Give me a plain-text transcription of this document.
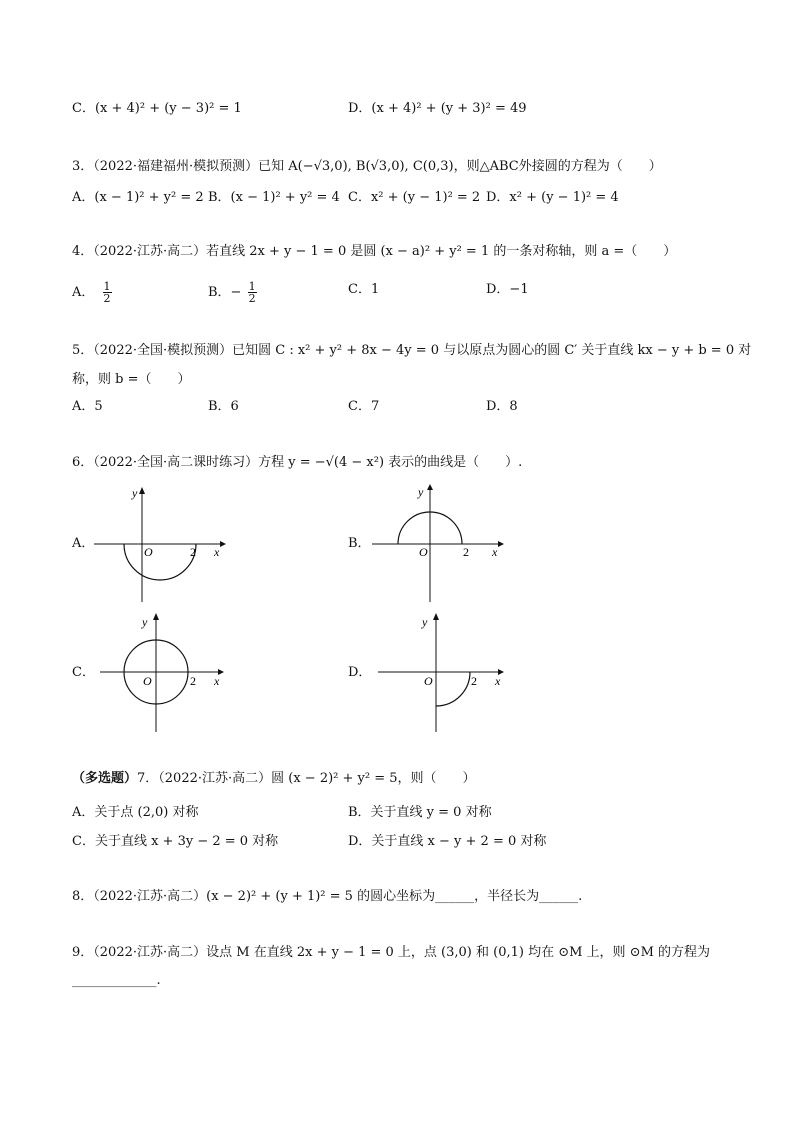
C．(x + 4)² + (y − 3)² = 1	D．(x + 4)² + (y + 3)² = 49
3．（2022·福建福州·模拟预测）已知 A(−√3,0), B(√3,0), C(0,3)，则△ABC外接圆的方程为（　　）
A．(x − 1)² + y² = 2 B．(x − 1)² + y² = 4 C．x² + (y − 1)² = 2 D．x² + (y − 1)² = 4
4．（2022·江苏·高二）若直线 2x + y − 1 = 0 是圆 (x − a)² + y² = 1 的一条对称轴，则 a =（　　）
A． $\frac{1}{2}$	B．− $\frac{1}{2}$	C．1	D．−1
5．（2022·全国·模拟预测）已知圆 C : x² + y² + 8x − 4y = 0 与以原点为圆心的圆 C′ 关于直线 kx − y + b = 0 对
称，则 b =（　　）
A．5	B．6	C．7	D．8
6．（2022·全国·高二课时练习）方程 y = −√(4 − x²) 表示的曲线是（　　）.
A．
y
x
O	2
B．
y
x
O	2
C．
y
x
O	2
D．
y
x
O	2
（多选题）7．（2022·江苏·高二）圆 (x − 2)² + y² = 5，则（　　）
A．关于点 (2,0) 对称	B．关于直线 y = 0 对称
C．关于直线 x + 3y − 2 = 0 对称	D．关于直线 x − y + 2 = 0 对称
8．（2022·江苏·高二）(x − 2)² + (y + 1)² = 5 的圆心坐标为______，半径长为______.
9．（2022·江苏·高二）设点 M 在直线 2x + y − 1 = 0 上，点 (3,0) 和 (0,1) 均在 ⊙M 上，则 ⊙M 的方程为
_____________.
